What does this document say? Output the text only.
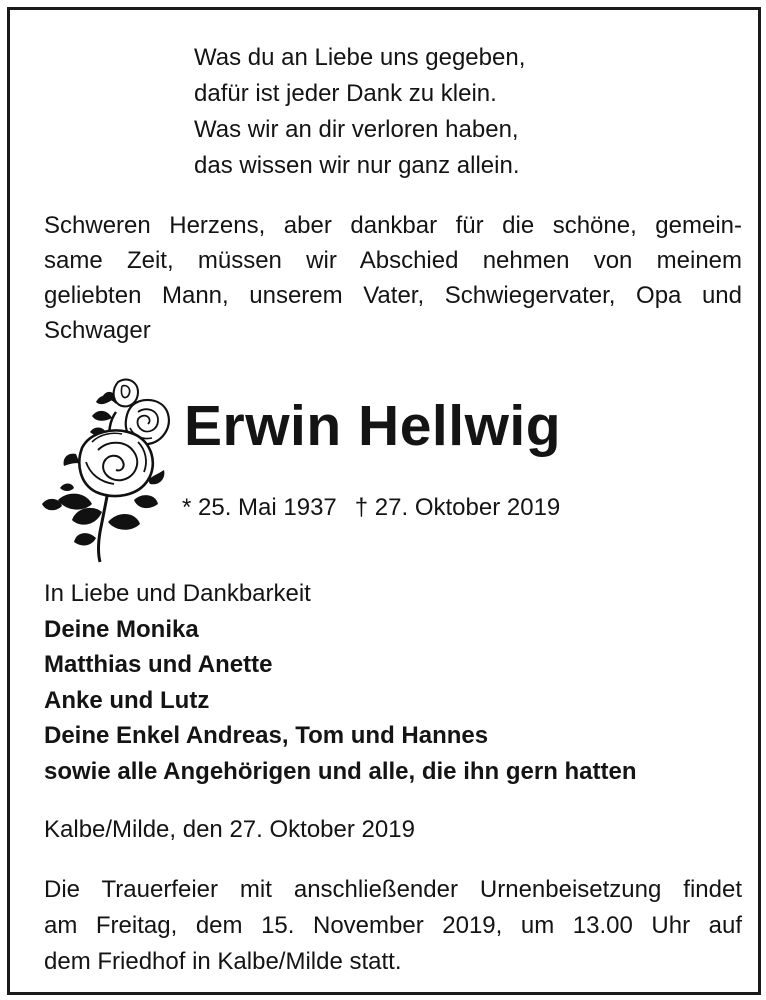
Was du an Liebe uns gegeben,
dafür ist jeder Dank zu klein.
Was wir an dir verloren haben,
das wissen wir nur ganz allein.
Schweren Herzens, aber dankbar für die schöne, gemein-
same Zeit, müssen wir Abschied nehmen von meinem
geliebten Mann, unserem Vater, Schwiegervater, Opa und
Schwager
Erwin Hellwig
* 25. Mai 1937 † 27. Oktober 2019
In Liebe und Dankbarkeit
Deine Monika
Matthias und Anette
Anke und Lutz
Deine Enkel Andreas, Tom und Hannes
sowie alle Angehörigen und alle, die ihn gern hatten
Kalbe/Milde, den 27. Oktober 2019
Die Trauerfeier mit anschließender Urnenbeisetzung findet
am Freitag, dem 15. November 2019, um 13.00 Uhr auf
dem Friedhof in Kalbe/Milde statt.
